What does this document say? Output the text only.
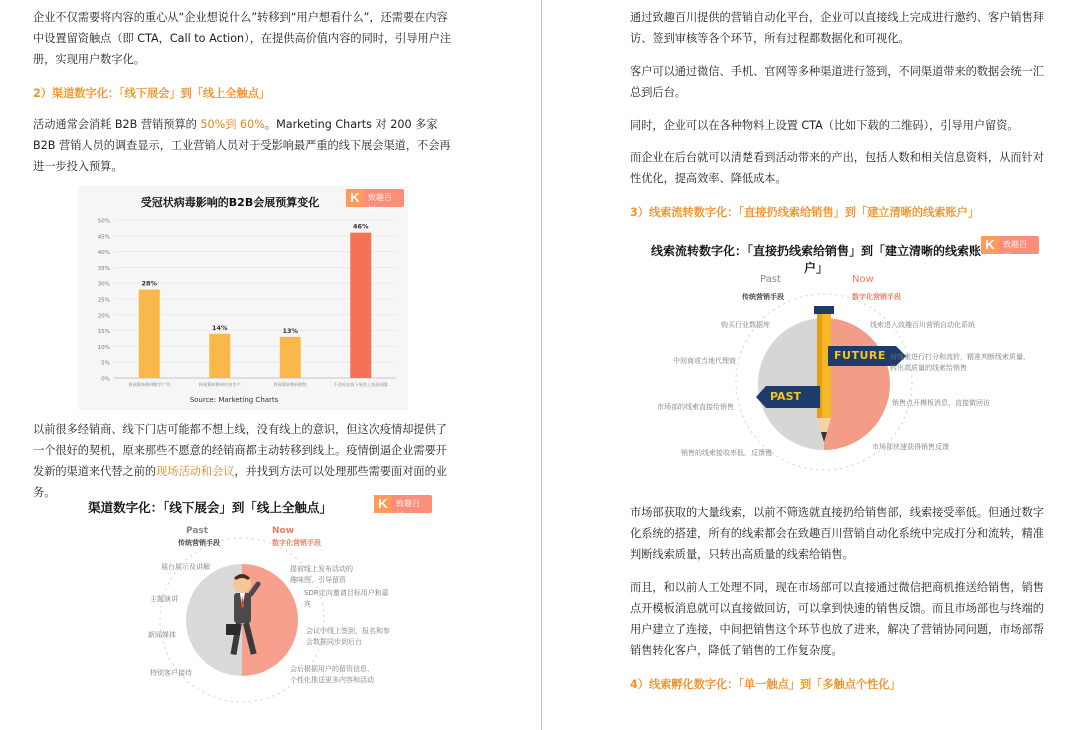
企业不仅需要将内容的重心从“企业想说什么”转移到“用户想看什么”，还需要在内容中设置留资触点（即 CTA，Call to Action），在提供高价值内容的同时，引导用户注册，实现用户数字化。
2）渠道数字化：「线下展会」到「线上全触点」
活动通常会消耗 B2B 营销预算的 50%到 60%。Marketing Charts 对 200 多家 B2B 营销人员的调查显示，工业营销人员对于受影响最严重的线下展会渠道，不会再进一步投入预算。
受冠状病毒影响的B2B会展预算变化
0%
5%
10%
15%
20%
25%
30%
35%
40%
45%
50%
28%
将预算转移到数字广告
14%
将预算转移到内容生产
13%
将预算转移到销售
46%
不会再在线下展会上投放预算
Source: Marketing Charts
K	致趣百川
以前很多经销商、线下门店可能都不想上线，没有线上的意识，但这次疫情却提供了一个很好的契机，原来那些不愿意的经销商都主动转移到线上。疫情倒逼企业需要开发新的渠道来代替之前的现场活动和会议，并找到方法可以处理那些需要面对面的业务。
渠道数字化：「线下展会」到「线上全触点」	K	致趣百川
Past
传统营销手段
Now
数字化营销手段
展台展示及讲解
主题演讲
新闻媒体
特别客户接待
提前线上发布活动的趣味图，引导留资
SDR定向邀请目标用户和嘉宾
会议中线上签到，报名和参会数据同步到后台
会后根据用户的留资信息，个性化推送更多内容和活动
通过致趣百川提供的营销自动化平台，企业可以直接线上完成进行邀约、客户销售拜访、签到审核等各个环节，所有过程都数据化和可视化。
客户可以通过微信、手机、官网等多种渠道进行签到，不同渠道带来的数据会统一汇总到后台。
同时，企业可以在各种物料上设置 CTA（比如下载的二维码），引导用户留资。
而企业在后台就可以清楚看到活动带来的产出，包括人数和相关信息资料，从而针对性优化，提高效率、降低成本。
3）线索流转数字化：「直接扔线索给销售」到「建立清晰的线索账户」
线索流转数字化：「直接扔线索给销售」到「建立清晰的线索账户」
K	致趣百川
FUTURE
PAST
Past
传统营销手段
Now
数字化营销手段
购买行业数据库
中间商或当地代理商
市场部的线索直接给销售
销售的线索接收率低、反馈慢
线索进入致趣百川营销自动化系统
对线索进行打分和流转，精准判断线索质量，转出高质量的线索给销售
销售点开模板消息，直接做回访
市场部快速获得销售反馈
市场部获取的大量线索，以前不筛选就直接扔给销售部，线索接受率低。但通过数字化系统的搭建，所有的线索都会在致趣百川营销自动化系统中完成打分和流转，精准判断线索质量，只转出高质量的线索给销售。
而且，和以前人工处理不同，现在市场部可以直接通过微信把商机推送给销售，销售点开模板消息就可以直接做回访，可以拿到快速的销售反馈。而且市场部也与终端的用户建立了连接，中间把销售这个环节也放了进来，解决了营销协同问题，市场部帮销售转化客户，降低了销售的工作复杂度。
4）线索孵化数字化：「单一触点」到「多触点个性化」
